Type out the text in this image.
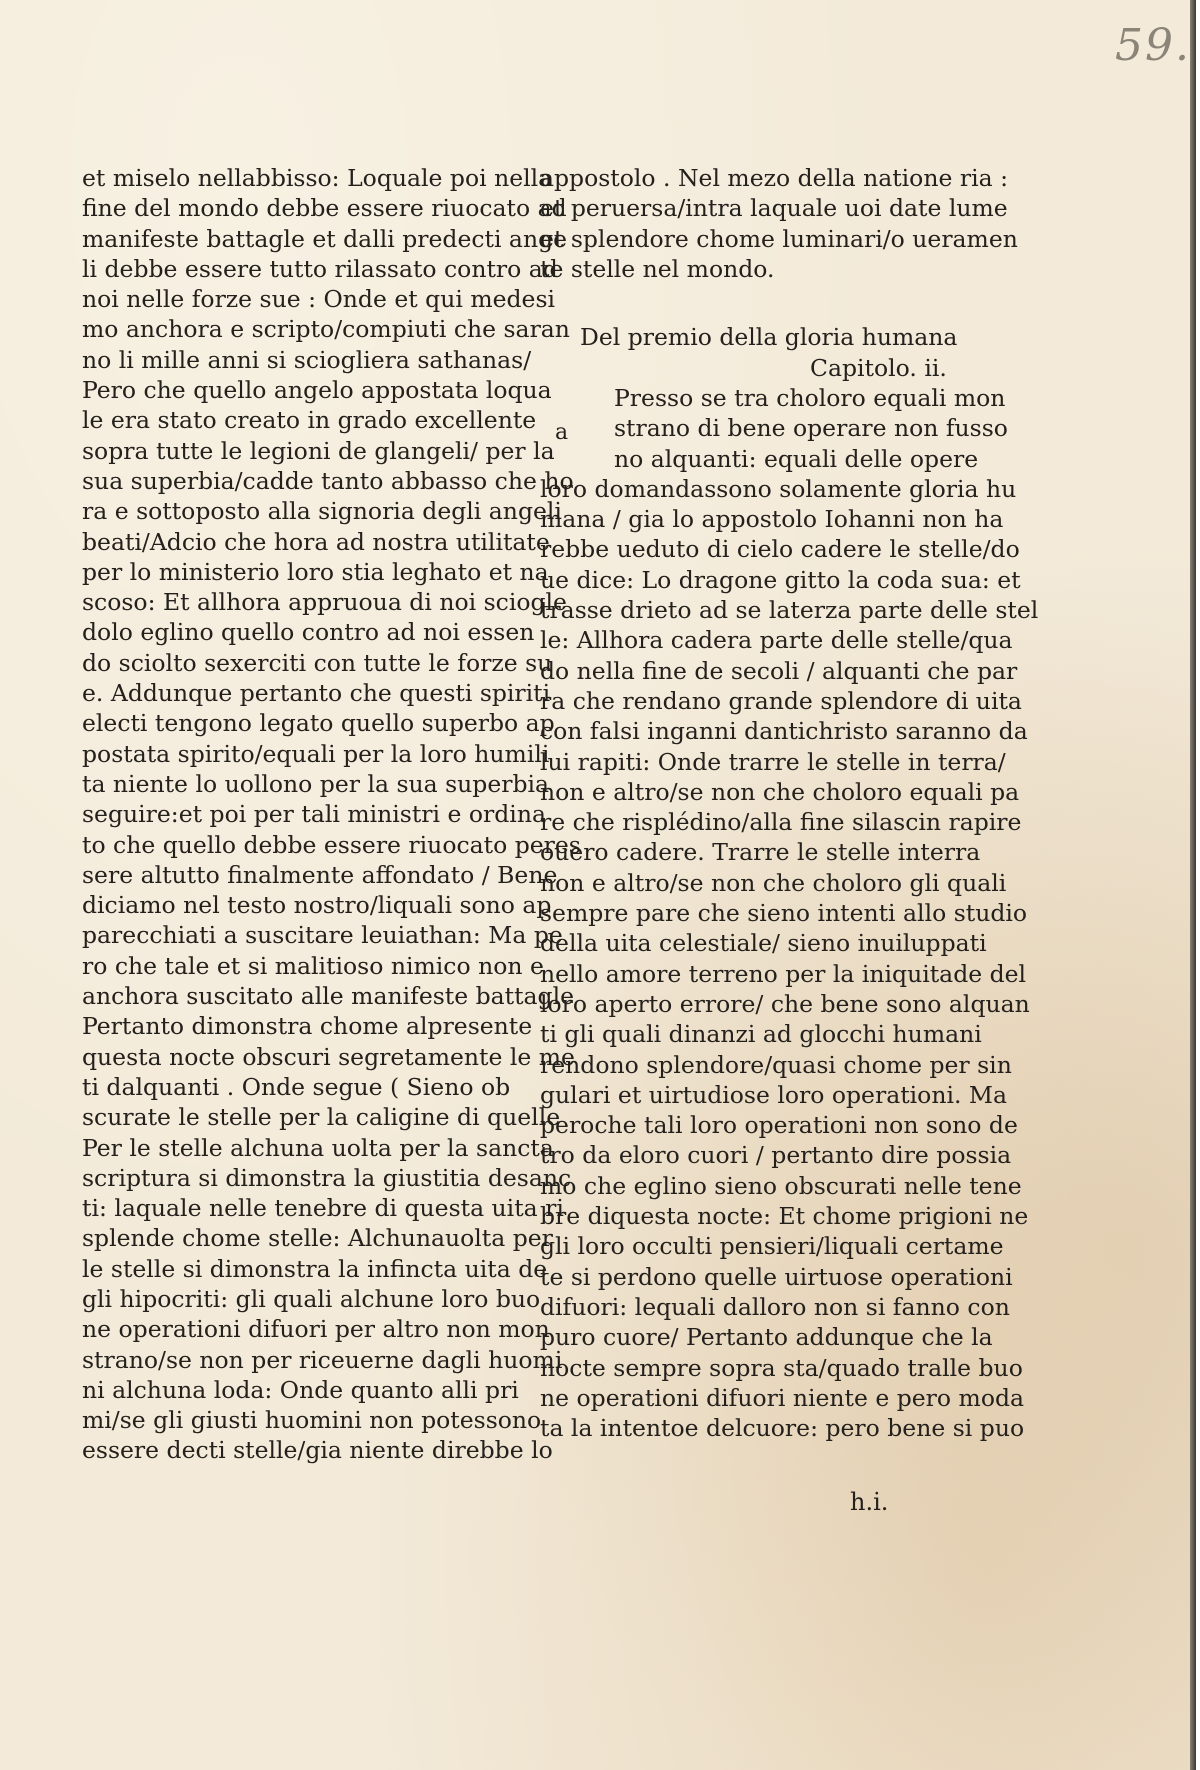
59.
et miselo nellabbisso: Loquale poi nella
fine del mondo debbe essere riuocato ad
manifeste battagle et dalli predecti ange
li debbe essere tutto rilassato contro ad
noi nelle forze sue : Onde et qui medesi
mo anchora e scripto/compiuti che saran
no li mille anni si sciogliera sathanas/
Pero che quello angelo appostata loqua
le era stato creato in grado excellente
sopra tutte le legioni de glangeli/ per la
sua superbia/cadde tanto abbasso che ho
ra e sottoposto alla signoria degli angeli
beati/Adcio che hora ad nostra utilitate
per lo ministerio loro stia leghato et na
scoso: Et allhora appruoua di noi sciogle
dolo eglino quello contro ad noi essen
do sciolto sexerciti con tutte le forze su
e. Addunque pertanto che questi spiriti
electi tengono legato quello superbo ap
postata spirito/equali per la loro humili
ta niente lo uollono per la sua superbia
seguire:et poi per tali ministri e ordina
to che quello debbe essere riuocato peres
sere altutto finalmente affondato / Bene
diciamo nel testo nostro/liquali sono ap
parecchiati a suscitare leuiathan: Ma pe
ro che tale et si malitioso nimico non e
anchora suscitato alle manifeste battagle
Pertanto dimonstra chome alpresente
questa nocte obscuri segretamente le me
ti dalquanti . Onde segue ( Sieno ob
scurate le stelle per la caligine di quelle
Per le stelle alchuna uolta per la sancta
scriptura si dimonstra la giustitia desanc
ti: laquale nelle tenebre di questa uita ri
splende chome stelle: Alchunauolta per
le stelle si dimonstra la infincta uita de
gli hipocriti: gli quali alchune loro buo
ne operationi difuori per altro non mon
strano/se non per riceuerne dagli huomi
ni alchuna loda: Onde quanto alli pri
mi/se gli giusti huomini non potessono
essere decti stelle/gia niente direbbe lo
appostolo . Nel mezo della natione ria :
et peruersa/intra laquale uoi date lume
et splendore chome luminari/o ueramen
te stelle nel mondo.
Del premio della gloria humana
Capitolo. ii.
a
Presso se tra choloro equali mon
strano di bene operare non fusso
no alquanti: equali delle opere
loro domandassono solamente gloria hu
mana / gia lo appostolo Iohanni non ha
rebbe ueduto di cielo cadere le stelle/do
ue dice: Lo dragone gitto la coda sua: et
trasse drieto ad se laterza parte delle stel
le: Allhora cadera parte delle stelle/qua
do nella fine de secoli / alquanti che par
ra che rendano grande splendore di uita
con falsi inganni dantichristo saranno da
lui rapiti: Onde trarre le stelle in terra/
non e altro/se non che choloro equali pa
re che risplédino/alla fine silascin rapire
ouero cadere. Trarre le stelle interra
non e altro/se non che choloro gli quali
sempre pare che sieno intenti allo studio
della uita celestiale/ sieno inuiluppati
nello amore terreno per la iniquitade del
loro aperto errore/ che bene sono alquan
ti gli quali dinanzi ad glocchi humani
rendono splendore/quasi chome per sin
gulari et uirtudiose loro operationi. Ma
peroche tali loro operationi non sono de
tro da eloro cuori / pertanto dire possia
mo che eglino sieno obscurati nelle tene
bre diquesta nocte: Et chome prigioni ne
gli loro occulti pensieri/liquali certame
te si perdono quelle uirtuose operationi
difuori: lequali dalloro non si fanno con
puro cuore/ Pertanto addunque che la
nocte sempre sopra sta/quado tralle buo
ne operationi difuori niente e pero moda
ta la intentoe delcuore: pero bene si puo
h.i.
